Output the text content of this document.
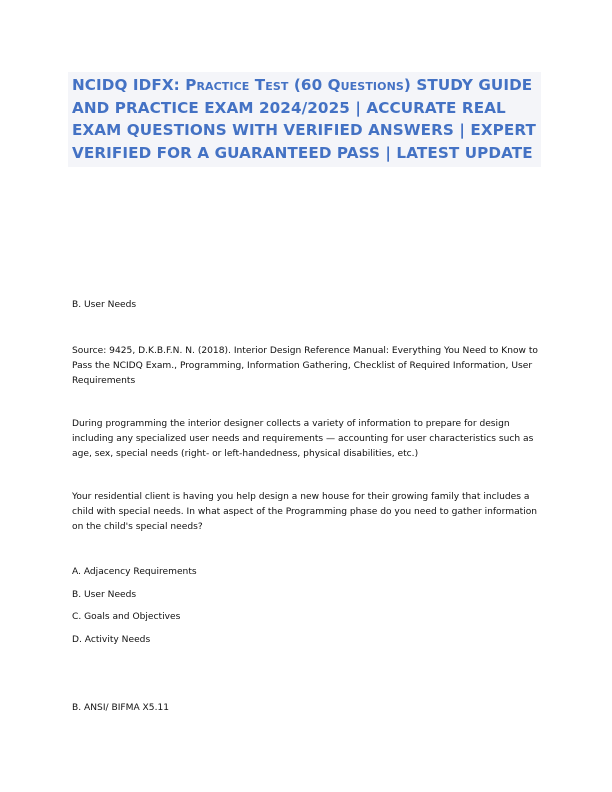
NCIDQ IDFX: Practice Test (60 Questions) STUDY GUIDE AND PRACTICE EXAM 2024/2025 | ACCURATE REAL EXAM QUESTIONS WITH VERIFIED ANSWERS | EXPERT VERIFIED FOR A GUARANTEED PASS | LATEST UPDATE

B. User Needs

Source: 9425, D.K.B.F.N. N. (2018). Interior Design Reference Manual: Everything You Need to Know to Pass the NCIDQ Exam., Programming, Information Gathering, Checklist of Required Information, User Requirements

During programming the interior designer collects a variety of information to prepare for design including any specialized user needs and requirements — accounting for user characteristics such as age, sex, special needs (right- or left-handedness, physical disabilities, etc.)

Your residential client is having you help design a new house for their growing family that includes a child with special needs. In what aspect of the Programming phase do you need to gather information on the child's special needs?

A. Adjacency Requirements

B. User Needs

C. Goals and Objectives

D. Activity Needs

B. ANSI/ BIFMA X5.11
